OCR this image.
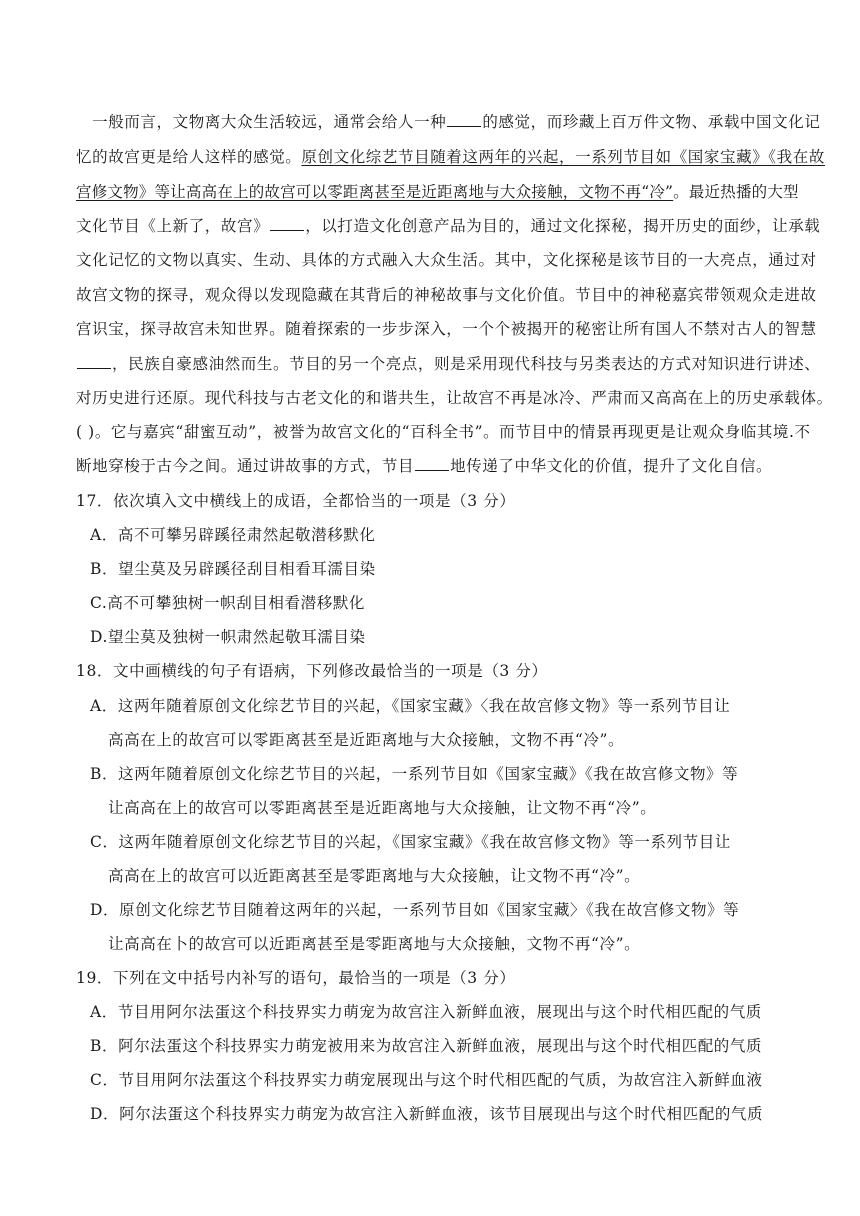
　一般而言，文物离大众生活较远，通常会给人一种 的感觉，而珍藏上百万件文物、承载中国文化记
忆的故宫更是给人这样的感觉。原创文化综艺节目随着这两年的兴起，一系列节目如《国家宝藏》《我在故
宫修文物》等让高高在上的故宫可以零距离甚至是近距离地与大众接触，文物不再“冷”。最近热播的大型
文化节目《上新了，故宫》 ，以打造文化创意产品为目的，通过文化探秘，揭开历史的面纱，让承载
文化记忆的文物以真实、生动、具体的方式融入大众生活。其中，文化探秘是该节目的一大亮点，通过对
故宫文物的探寻，观众得以发现隐藏在其背后的神秘故事与文化价值。节目中的神秘嘉宾带领观众走进故
宫识宝，探寻故宫未知世界。随着探索的一步步深入，一个个被揭开的秘密让所有国人不禁对古人的智慧
，民族自豪感油然而生。节目的另一个亮点，则是采用现代科技与另类表达的方式对知识进行讲述、
对历史进行还原。现代科技与古老文化的和谐共生，让故宫不再是冰冷、严肃而又高高在上的历史承载体。
( )。它与嘉宾“甜蜜互动”，被誉为故宫文化的“百科全书”。而节目中的情景再现更是让观众身临其境.不
断地穿梭于古今之间。通过讲故事的方式，节目 地传递了中华文化的价值，提升了文化自信。
17．依次填入文中横线上的成语，全都恰当的一项是（3 分）
A．高不可攀另辟蹊径肃然起敬潜移默化
B．望尘莫及另辟蹊径刮目相看耳濡目染
C.高不可攀独树一帜刮目相看潜移默化
D.望尘莫及独树一帜肃然起敬耳濡目染
18．文中画横线的句子有语病，下列修改最恰当的一项是（3 分）
A．这两年随着原创文化综艺节目的兴起，《国家宝藏》〈我在故宫修文物》等一系列节目让
高高在上的故宫可以零距离甚至是近距离地与大众接触，文物不再“冷”。
B．这两年随着原创文化综艺节目的兴起，一系列节目如《国家宝藏》《我在故宫修文物》等
让高高在上的故宫可以零距离甚至是近距离地与大众接触，让文物不再“冷”。
C．这两年随着原创文化综艺节目的兴起，《国家宝藏》《我在故宫修文物》等一系列节目让
高高在上的故宫可以近距离甚至是零距离地与大众接触，让文物不再“冷”。
D．原创文化综艺节目随着这两年的兴起，一系列节目如《国家宝藏〉《我在故宫修文物》等
让高高在卜的故宫可以近距离甚至是零距离地与大众接触，文物不再“冷”。
19．下列在文中括号内补写的语句，最恰当的一项是（3 分）
A．节目用阿尔法蛋这个科技界实力萌宠为故宫注入新鲜血液，展现出与这个时代相匹配的气质
B．阿尔法蛋这个科技界实力萌宠被用来为故宫注入新鲜血液，展现出与这个时代相匹配的气质
C．节目用阿尔法蛋这个科技界实力萌宠展现出与这个时代相匹配的气质，为故宫注入新鲜血液
D．阿尔法蛋这个科技界实力萌宠为故宫注入新鲜血液，该节目展现出与这个时代相匹配的气质
